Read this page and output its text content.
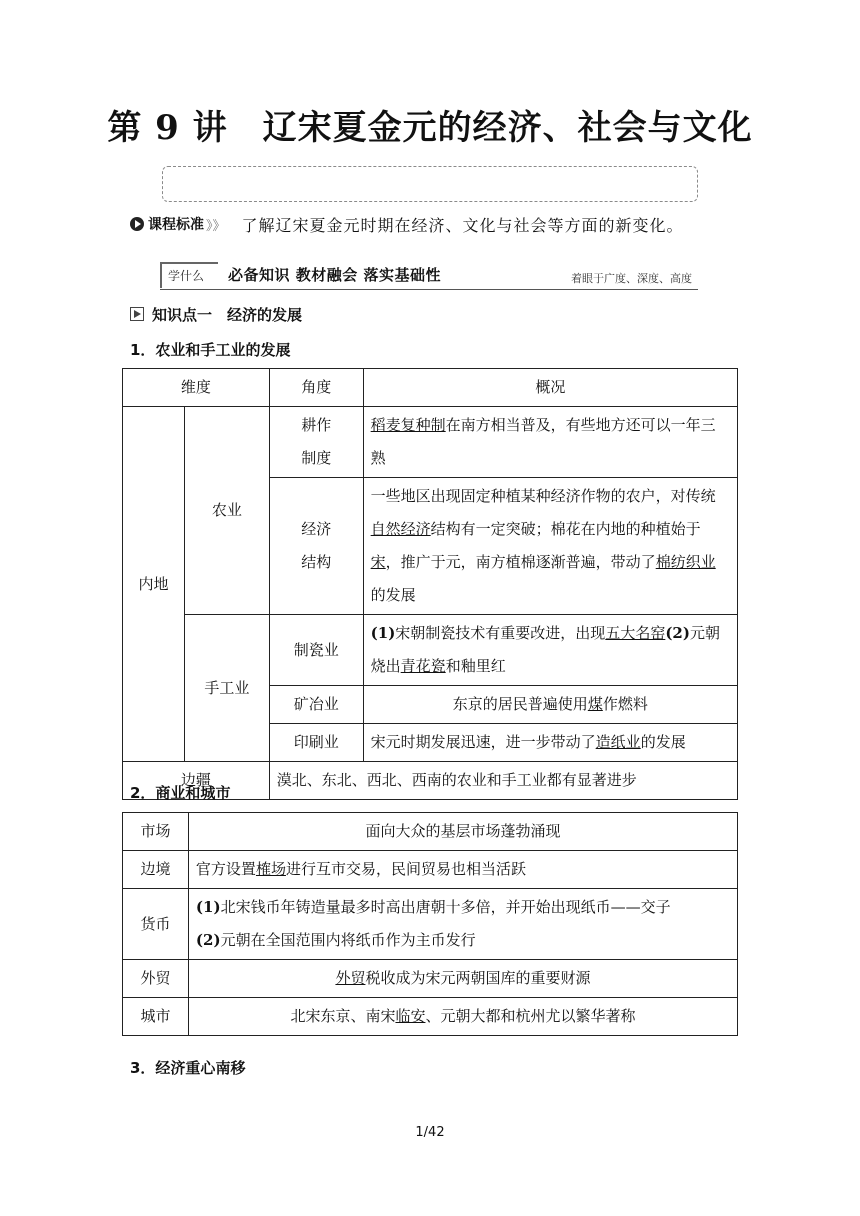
第 9 讲　辽宋夏金元的经济、社会与文化
课程标准 》》 了解辽宋夏金元时期在经济、文化与社会等方面的新变化。
学什么 必备知识 教材融会 落实基础性	着眼于广度、深度、高度
知识点一　经济的发展
1．农业和手工业的发展
维度		角度	概况
内地	农业	耕作
制度	稻麦复种制在南方相当普及，有些地方还可以一年三熟
		经济
结构	一些地区出现固定种植某种经济作物的农户，对传统自然经济结构有一定突破；棉花在内地的种植始于宋，推广于元，南方植棉逐渐普遍，带动了棉纺织业的发展
	手工业	制瓷业	(1)宋朝制瓷技术有重要改进，出现五大名窑(2)元朝烧出青花瓷和釉里红
		矿冶业	东京的居民普遍使用煤作燃料
		印刷业	宋元时期发展迅速，进一步带动了造纸业的发展
边疆		漠北、东北、西北、西南的农业和手工业都有显著进步	
2．商业和城市
市场	面向大众的基层市场蓬勃涌现
边境	官方设置榷场进行互市交易，民间贸易也相当活跃
货币	(1)北宋钱币年铸造量最多时高出唐朝十多倍，并开始出现纸币——交子
(2)元朝在全国范围内将纸币作为主币发行
外贸	外贸税收成为宋元两朝国库的重要财源
城市	北宋东京、南宋临安、元朝大都和杭州尤以繁华著称
3．经济重心南移
1/42
